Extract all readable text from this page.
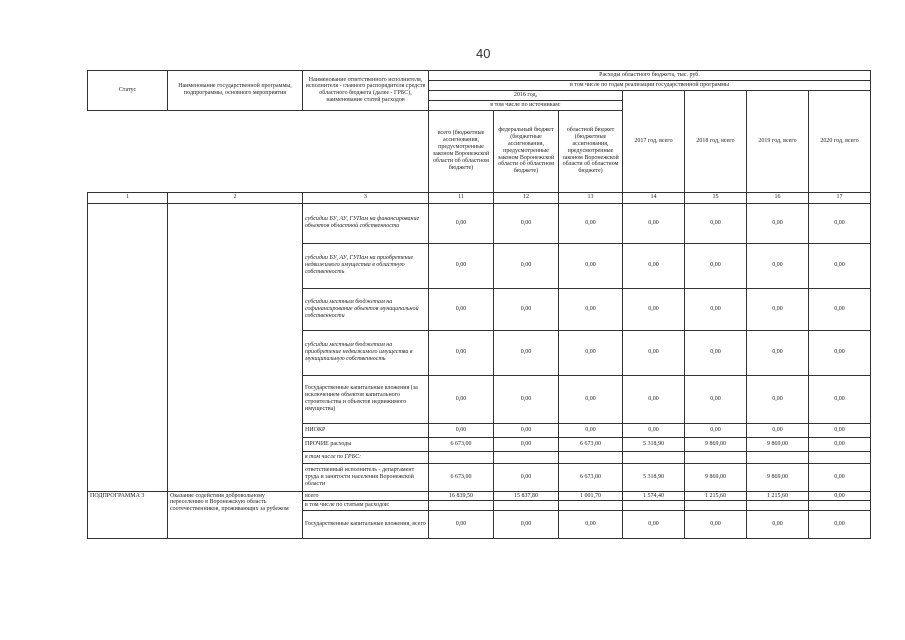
40
Статус	Наименование государственной программы, подпрограммы, основного мероприятия	Наименование ответственного исполнителя, исполнителя - главного распорядителя средств областного бюджета (далее - ГРБС), наименование статей расходов	Расходы областного бюджета, тыс. руб.						
			в том числе по годам реализации государственной программы						
			2016 год,			2017 год, всего	2018 год, всего	2019 год, всего	2020 год, всего
			в том числе по источникам:						
			всего (бюджетные ассигнования, предусмотренные законом Воронежской области об областном бюджете)	федеральный бюджет (бюджетные ассигнования, предусмотренные законом Воронежской области об областном бюджете)	областной бюджет (бюджетные ассигнования, предусмотренные законом Воронежской области об областном бюджете)				
1	2	3	11	12	13	14	15	16	17
		субсидии БУ, АУ, ГУПам на финансирование объектов областной собственности	0,00	0,00	0,00	0,00	0,00	0,00	0,00
		субсидии БУ, АУ, ГУПам на приобретение недвижимого имущества в областную собственность	0,00	0,00	0,00	0,00	0,00	0,00	0,00
		субсидии местным бюджетам на софинансирование объектов муниципальной собственности	0,00	0,00	0,00	0,00	0,00	0,00	0,00
		субсидии местным бюджетам на приобретение недвижимого имущества в муниципальную собственность	0,00	0,00	0,00	0,00	0,00	0,00	0,00
		Государственные капитальные вложения (за исключением объектов капитального строительства и объектов недвижимого имущества)	0,00	0,00	0,00	0,00	0,00	0,00	0,00
		НИОКР	0,00	0,00	0,00	0,00	0,00	0,00	0,00
		ПРОЧИЕ расходы	6 673,00	0,00	6 673,00	5 318,90	9 869,00	9 869,00	0,00
		в том числе по ГРБС:							
		ответственный исполнитель - департамент труда и занятости населения Воронежской области	6 673,00	0,00	6 673,00	5 318,90	9 869,00	9 869,00	0,00
ПОДПРОГРАММА 3	Оказание содействия добровольному переселению в Воронежскую область соотечественников, проживающих за рубежом	всего	16 839,50	15 837,80	1 001,70	1 574,40	1 215,60	1 215,60	0,00
		в том числе по статьям расходов:							
		Государственные капитальные вложения, всего	0,00	0,00	0,00	0,00	0,00	0,00	0,00
